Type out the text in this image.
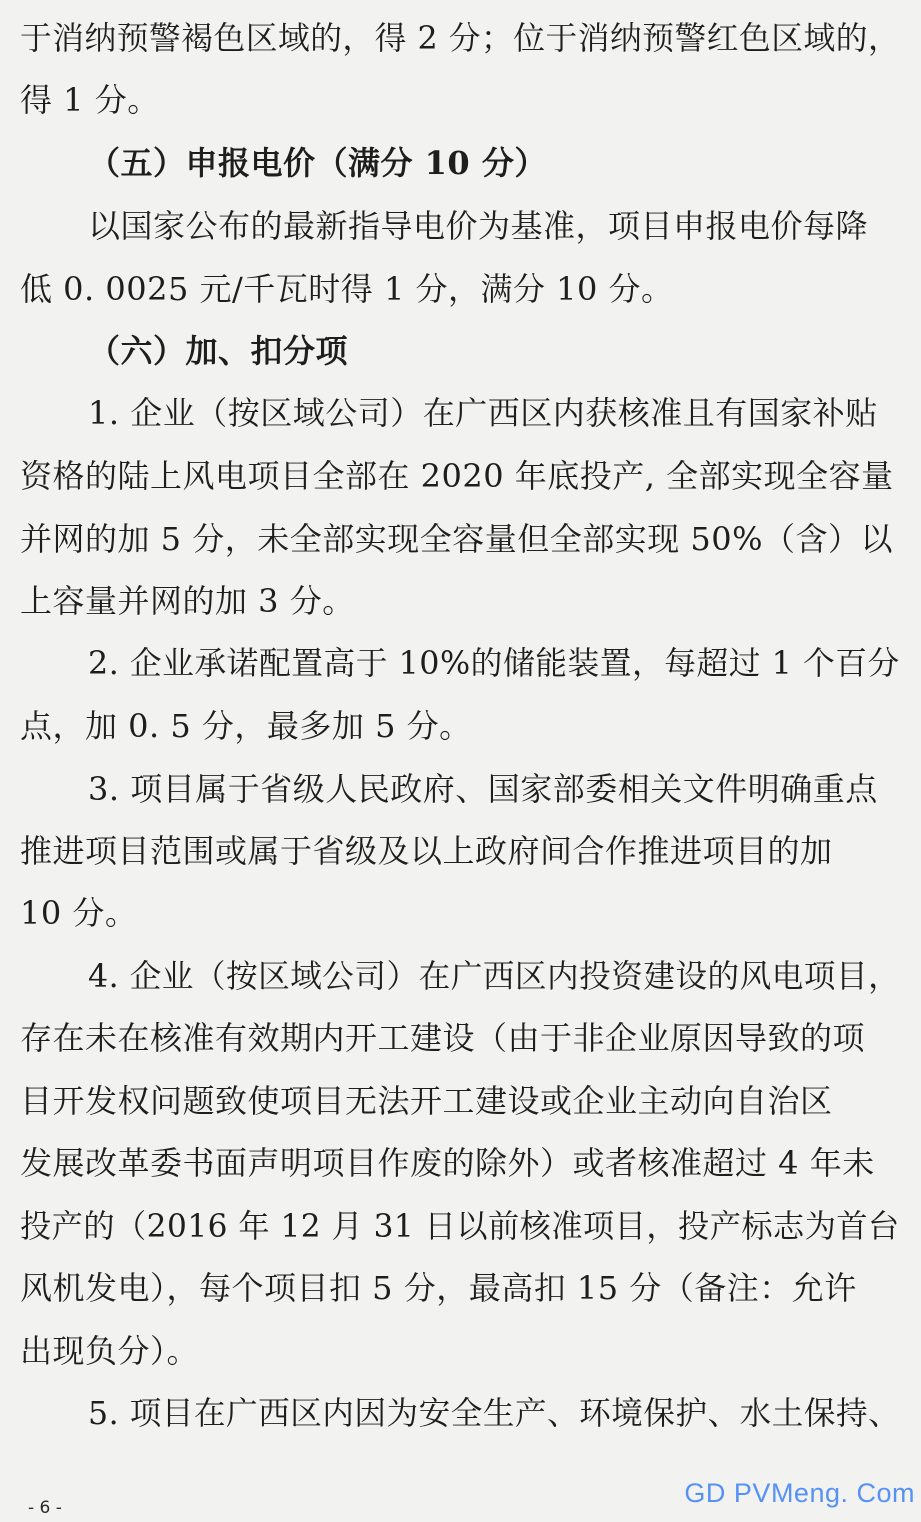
于消纳预警褐色区域的，得 2 分；位于消纳预警红色区域的，
得 1 分。
（五）申报电价（满分 10 分）
以国家公布的最新指导电价为基准，项目申报电价每降
低 0. 0025 元/千瓦时得 1 分，满分 10 分。
（六）加、扣分项
1. 企业（按区域公司）在广西区内获核准且有国家补贴
资格的陆上风电项目全部在 2020 年底投产, 全部实现全容量
并网的加 5 分，未全部实现全容量但全部实现 50%（含）以
上容量并网的加 3 分。
2. 企业承诺配置高于 10%的储能装置，每超过 1 个百分
点，加 0. 5 分，最多加 5 分。
3. 项目属于省级人民政府、国家部委相关文件明确重点
推进项目范围或属于省级及以上政府间合作推进项目的加
10 分。
4. 企业（按区域公司）在广西区内投资建设的风电项目，
存在未在核准有效期内开工建设（由于非企业原因导致的项
目开发权问题致使项目无法开工建设或企业主动向自治区
发展改革委书面声明项目作废的除外）或者核准超过 4 年未
投产的（2016 年 12 月 31 日以前核准项目，投产标志为首台
风机发电），每个项目扣 5 分，最高扣 15 分（备注：允许
出现负分）。
5. 项目在广西区内因为安全生产、环境保护、水土保持、
- 6 -	GD PVMeng. Com
